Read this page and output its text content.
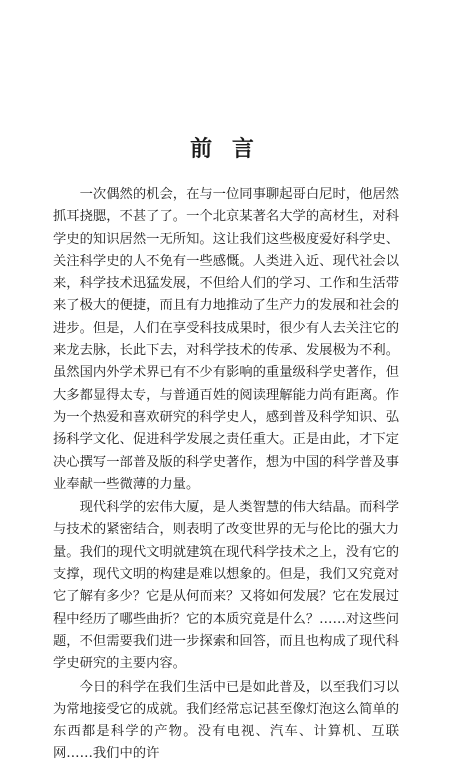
前 言

一次偶然的机会，在与一位同事聊起哥白尼时，他居然抓耳挠腮，不甚了了。一个北京某著名大学的高材生，对科学史的知识居然一无所知。这让我们这些极度爱好科学史、关注科学史的人不免有一些感慨。人类进入近、现代社会以来，科学技术迅猛发展，不但给人们的学习、工作和生活带来了极大的便捷，而且有力地推动了生产力的发展和社会的进步。但是，人们在享受科技成果时，很少有人去关注它的来龙去脉，长此下去，对科学技术的传承、发展极为不利。虽然国内外学术界已有不少有影响的重量级科学史著作，但大多都显得太专，与普通百姓的阅读理解能力尚有距离。作为一个热爱和喜欢研究的科学史人，感到普及科学知识、弘扬科学文化、促进科学发展之责任重大。正是由此，才下定决心撰写一部普及版的科学史著作，想为中国的科学普及事业奉献一些微薄的力量。

现代科学的宏伟大厦，是人类智慧的伟大结晶。而科学与技术的紧密结合，则表明了改变世界的无与伦比的强大力量。我们的现代文明就建筑在现代科学技术之上，没有它的支撑，现代文明的构建是难以想象的。但是，我们又究竟对它了解有多少？它是从何而来？又将如何发展？它在发展过程中经历了哪些曲折？它的本质究竟是什么？……对这些问题，不但需要我们进一步探索和回答，而且也构成了现代科学史研究的主要内容。

今日的科学在我们生活中已是如此普及，以至我们习以为常地接受它的成就。我们经常忘记甚至像灯泡这么简单的东西都是科学的产物。没有电视、汽车、计算机、互联网……我们中的许
